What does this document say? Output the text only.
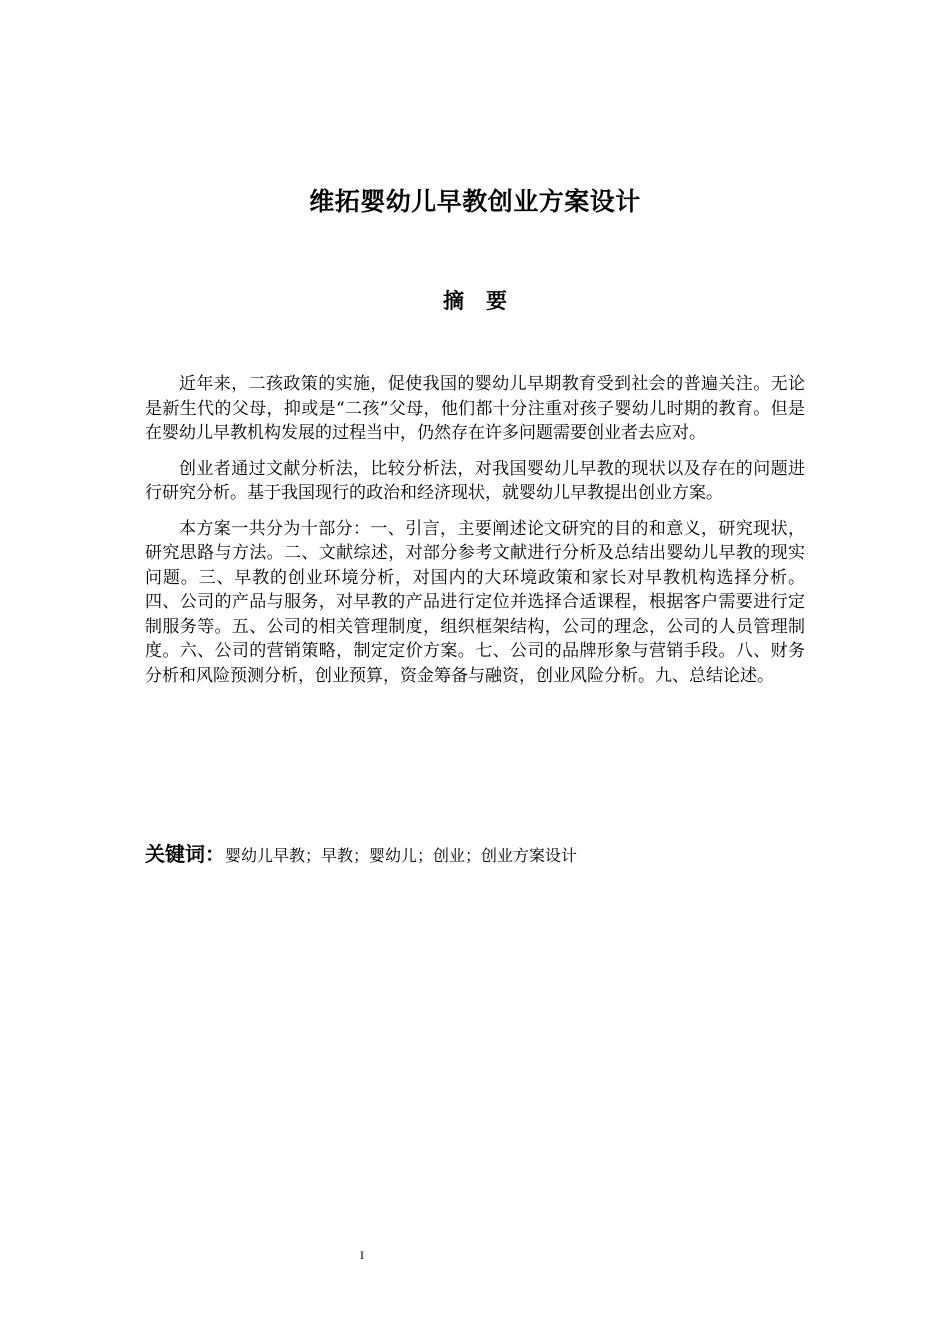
维拓婴幼儿早教创业方案设计
摘 要

近年来，二孩政策的实施，促使我国的婴幼儿早期教育受到社会的普遍关注。无论是新生代的父母，抑或是“二孩”父母，他们都十分注重对孩子婴幼儿时期的教育。但是在婴幼儿早教机构发展的过程当中，仍然存在许多问题需要创业者去应对。

创业者通过文献分析法，比较分析法，对我国婴幼儿早教的现状以及存在的问题进行研究分析。基于我国现行的政治和经济现状，就婴幼儿早教提出创业方案。

本方案一共分为十部分：一、引言，主要阐述论文研究的目的和意义，研究现状，研究思路与方法。二、文献综述，对部分参考文献进行分析及总结出婴幼儿早教的现实问题。三、早教的创业环境分析，对国内的大环境政策和家长对早教机构选择分析。四、公司的产品与服务，对早教的产品进行定位并选择合适课程，根据客户需要进行定制服务等。五、公司的相关管理制度，组织框架结构，公司的理念，公司的人员管理制度。六、公司的营销策略，制定定价方案。七、公司的品牌形象与营销手段。八、财务分析和风险预测分析，创业预算，资金筹备与融资，创业风险分析。九、总结论述。

关键词：婴幼儿早教；早教；婴幼儿；创业；创业方案设计
I
